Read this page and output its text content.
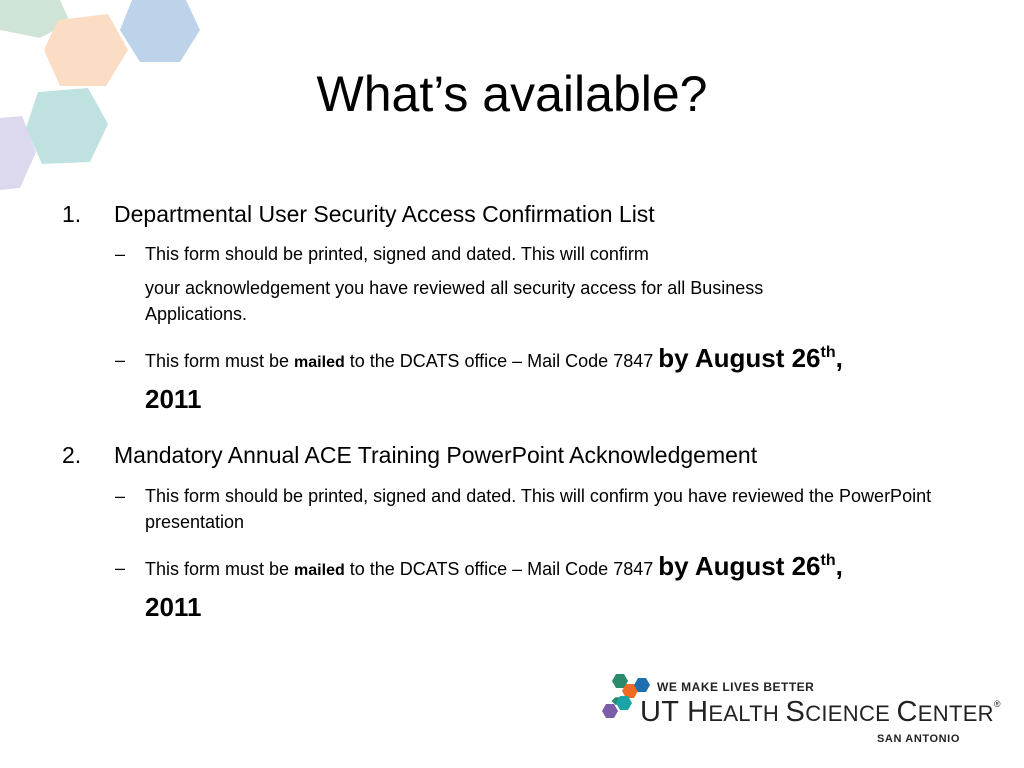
What’s available?
1. Departmental User Security Access Confirmation List
– This form should be printed, signed and dated. This will confirm
your acknowledgement you have reviewed all security access for all Business Applications.
– This form must be mailed to the DCATS office – Mail Code 7847 by August 26th,
2011
2. Mandatory Annual ACE Training PowerPoint Acknowledgement
– This form should be printed, signed and dated. This will confirm you have reviewed the PowerPoint presentation
– This form must be mailed to the DCATS office – Mail Code 7847 by August 26th,
2011
WE MAKE LIVES BETTER
UT HEALTH SCIENCE CENTER®
SAN ANTONIO
